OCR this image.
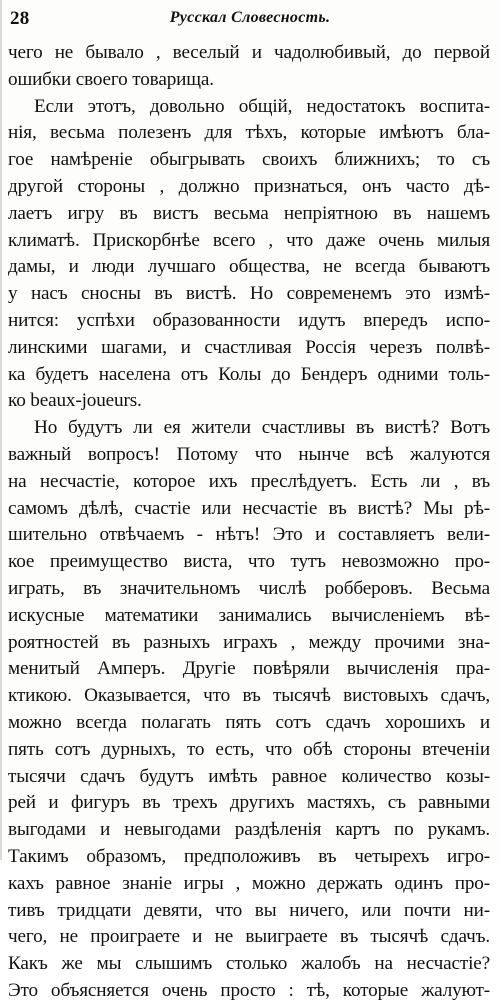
28	Русскал Словесность.
чего не бывало , веселый и чадолюбивый, до первой
ошибки своего товарища.
Если этотъ, довольно общій, недостатокъ воспита-
нія, весьма полезенъ для тѣхъ, которые имѣютъ бла-
гое намѣреніе обыгрывать своихъ ближнихъ; то съ
другой стороны , должно признаться, онъ часто дѣ-
лаетъ игру въ вистъ весьма непріятною въ нашемъ
климатѣ. Прискорбнѣе всего , что даже очень милыя
дамы, и люди лучшаго общества, не всегда бываютъ
у насъ сносны въ вистѣ. Но современемъ это измѣ-
нится: успѣхи образованности идутъ впередъ испо-
линскими шагами, и счастливая Россія черезъ полвѣ-
ка будетъ населена отъ Колы до Бендеръ одними толь-
ко beaux-joueurs.
Но будутъ ли ея жители счастливы въ вистѣ? Вотъ
важный вопросъ! Потому что нынче всѣ жалуются
на несчастіе, которое ихъ преслѣдуетъ. Есть ли , въ
самомъ дѣлѣ, счастіе или несчастіе въ вистѣ? Мы рѣ-
шительно отвѣчаемъ - нѣтъ! Это и составляетъ вели-
кое преимущество виста, что тутъ невозможно про-
играть, въ значительномъ числѣ робберовъ. Весьма
искусные математики занимались вычисленіемъ вѣ-
роятностей въ разныхъ играхъ , между прочими зна-
менитый Амперъ. Другіе повѣряли вычисленія пра-
ктикою. Оказывается, что въ тысячѣ вистовыхъ сдачъ,
можно всегда полагать пять сотъ сдачъ хорошихъ и
пять сотъ дурныхъ, то есть, что обѣ стороны втеченіи
тысячи сдачъ будутъ имѣть равное количество козы-
рей и фигуръ въ трехъ другихъ мастяхъ, съ равными
выгодами и невыгодами раздѣленія картъ по рукамъ.
Такимъ образомъ, предположивъ въ четырехъ игро-
кахъ равное знаніе игры , можно держать одинъ про-
тивъ тридцати девяти, что вы ничего, или почти ни-
чего, не проиграете и не выиграете въ тысячѣ сдачъ.
Какъ же мы слышимъ столько жалобъ на несчастіе?
Это объясняется очень просто : тѣ, которые жалуют-
